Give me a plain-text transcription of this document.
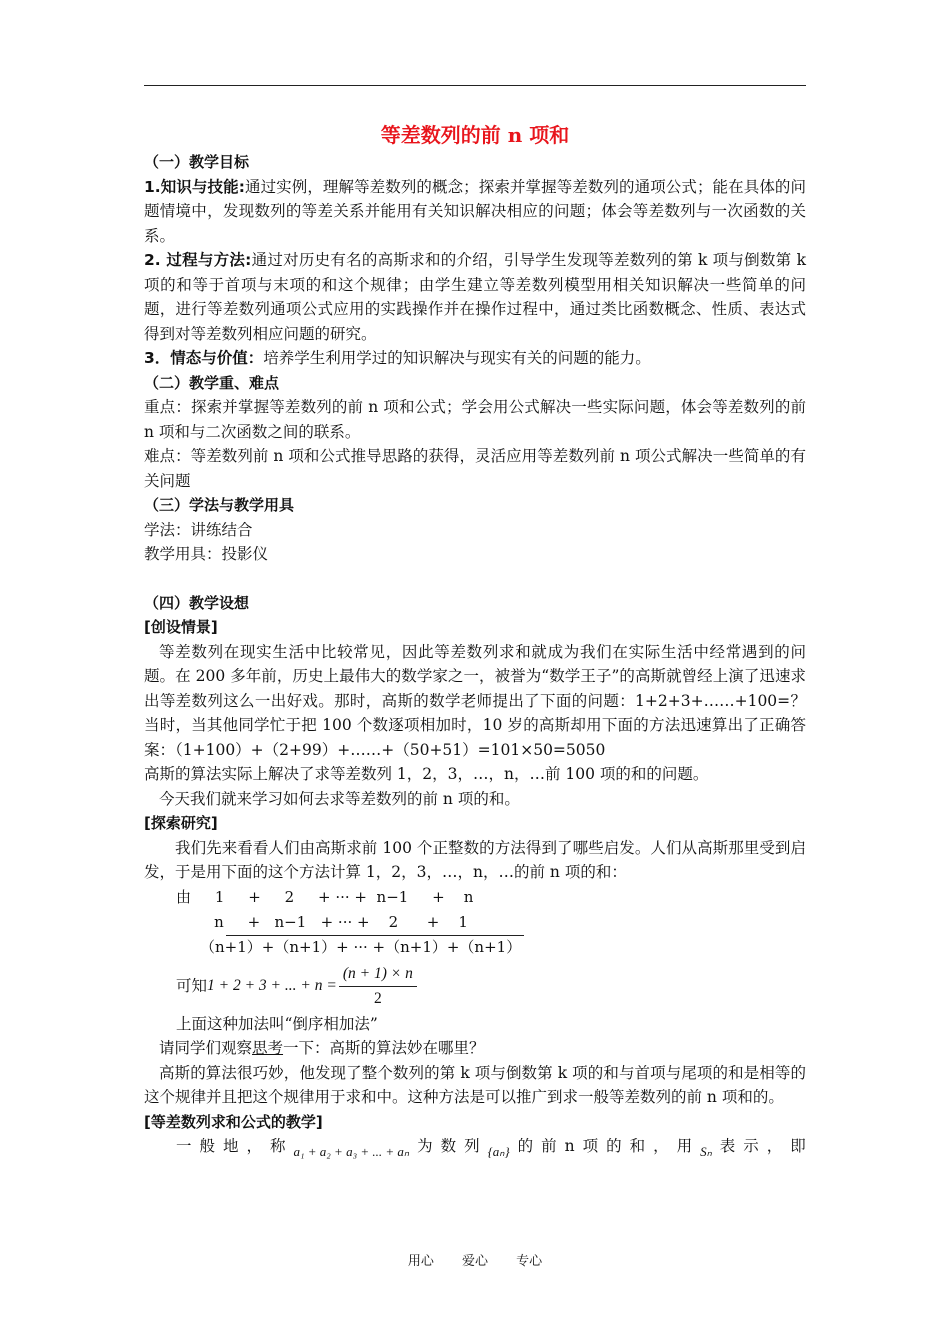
等差数列的前 n 项和
（一）教学目标
1.知识与技能:通过实例，理解等差数列的概念；探索并掌握等差数列的通项公式；能在具体的问题情境中，发现数列的等差关系并能用有关知识解决相应的问题；体会等差数列与一次函数的关系。
2. 过程与方法:通过对历史有名的高斯求和的介绍，引导学生发现等差数列的第 k 项与倒数第 k 项的和等于首项与末项的和这个规律；由学生建立等差数列模型用相关知识解决一些简单的问题，进行等差数列通项公式应用的实践操作并在操作过程中，通过类比函数概念、性质、表达式得到对等差数列相应问题的研究。
3．情态与价值：培养学生利用学过的知识解决与现实有关的问题的能力。
（二）教学重、难点
重点：探索并掌握等差数列的前 n 项和公式；学会用公式解决一些实际问题，体会等差数列的前 n 项和与二次函数之间的联系。
难点：等差数列前 n 项和公式推导思路的获得，灵活应用等差数列前 n 项公式解决一些简单的有关问题
（三）学法与教学用具
学法：讲练结合
教学用具：投影仪
（四）教学设想
[创设情景]
等差数列在现实生活中比较常见，因此等差数列求和就成为我们在实际生活中经常遇到的问题。在 200 多年前，历史上最伟大的数学家之一，被誉为“数学王子”的高斯就曾经上演了迅速求出等差数列这么一出好戏。那时，高斯的数学老师提出了下面的问题：1+2+3+……+100=？当时，当其他同学忙于把 100 个数逐项相加时，10 岁的高斯却用下面的方法迅速算出了正确答案：（1+100）+（2+99）+……+（50+51）=101×50=5050
高斯的算法实际上解决了求等差数列 1，2，3，…，n，…前 100 项的和的问题。
今天我们就来学习如何去求等差数列的前 n 项的和。
[探索研究]
我们先来看看人们由高斯求前 100 个正整数的方法得到了哪些启发。人们从高斯那里受到启发，于是用下面的这个方法计算 1，2，3，…，n，…的前 n 项的和：
由     1     +     2     + ··· +  n−1     +    n
n     +   n−1   + ··· +    2      +    1
（n+1）+（n+1）+ ··· +（n+1）+（n+1）
可知 1 + 2 + 3 + ... + $n = \frac{(n + 1) \times n}{2}$
上面这种加法叫“倒序相加法”
请同学们观察思考一下：高斯的算法妙在哪里？
高斯的算法很巧妙，他发现了整个数列的第 k 项与倒数第 k 项的和与首项与尾项的和是相等的这个规律并且把这个规律用于求和中。这种方法是可以推广到求一般等差数列的前 n 项和的。
[等差数列求和公式的教学]
一 般 地 ， 称 a₁ + a₂ + a₃ + ... + aₙ 为 数 列 {aₙ} 的 前 n 项 的 和 ， 用 Sₙ 表 示 ， 即
用心 爱心 专心
